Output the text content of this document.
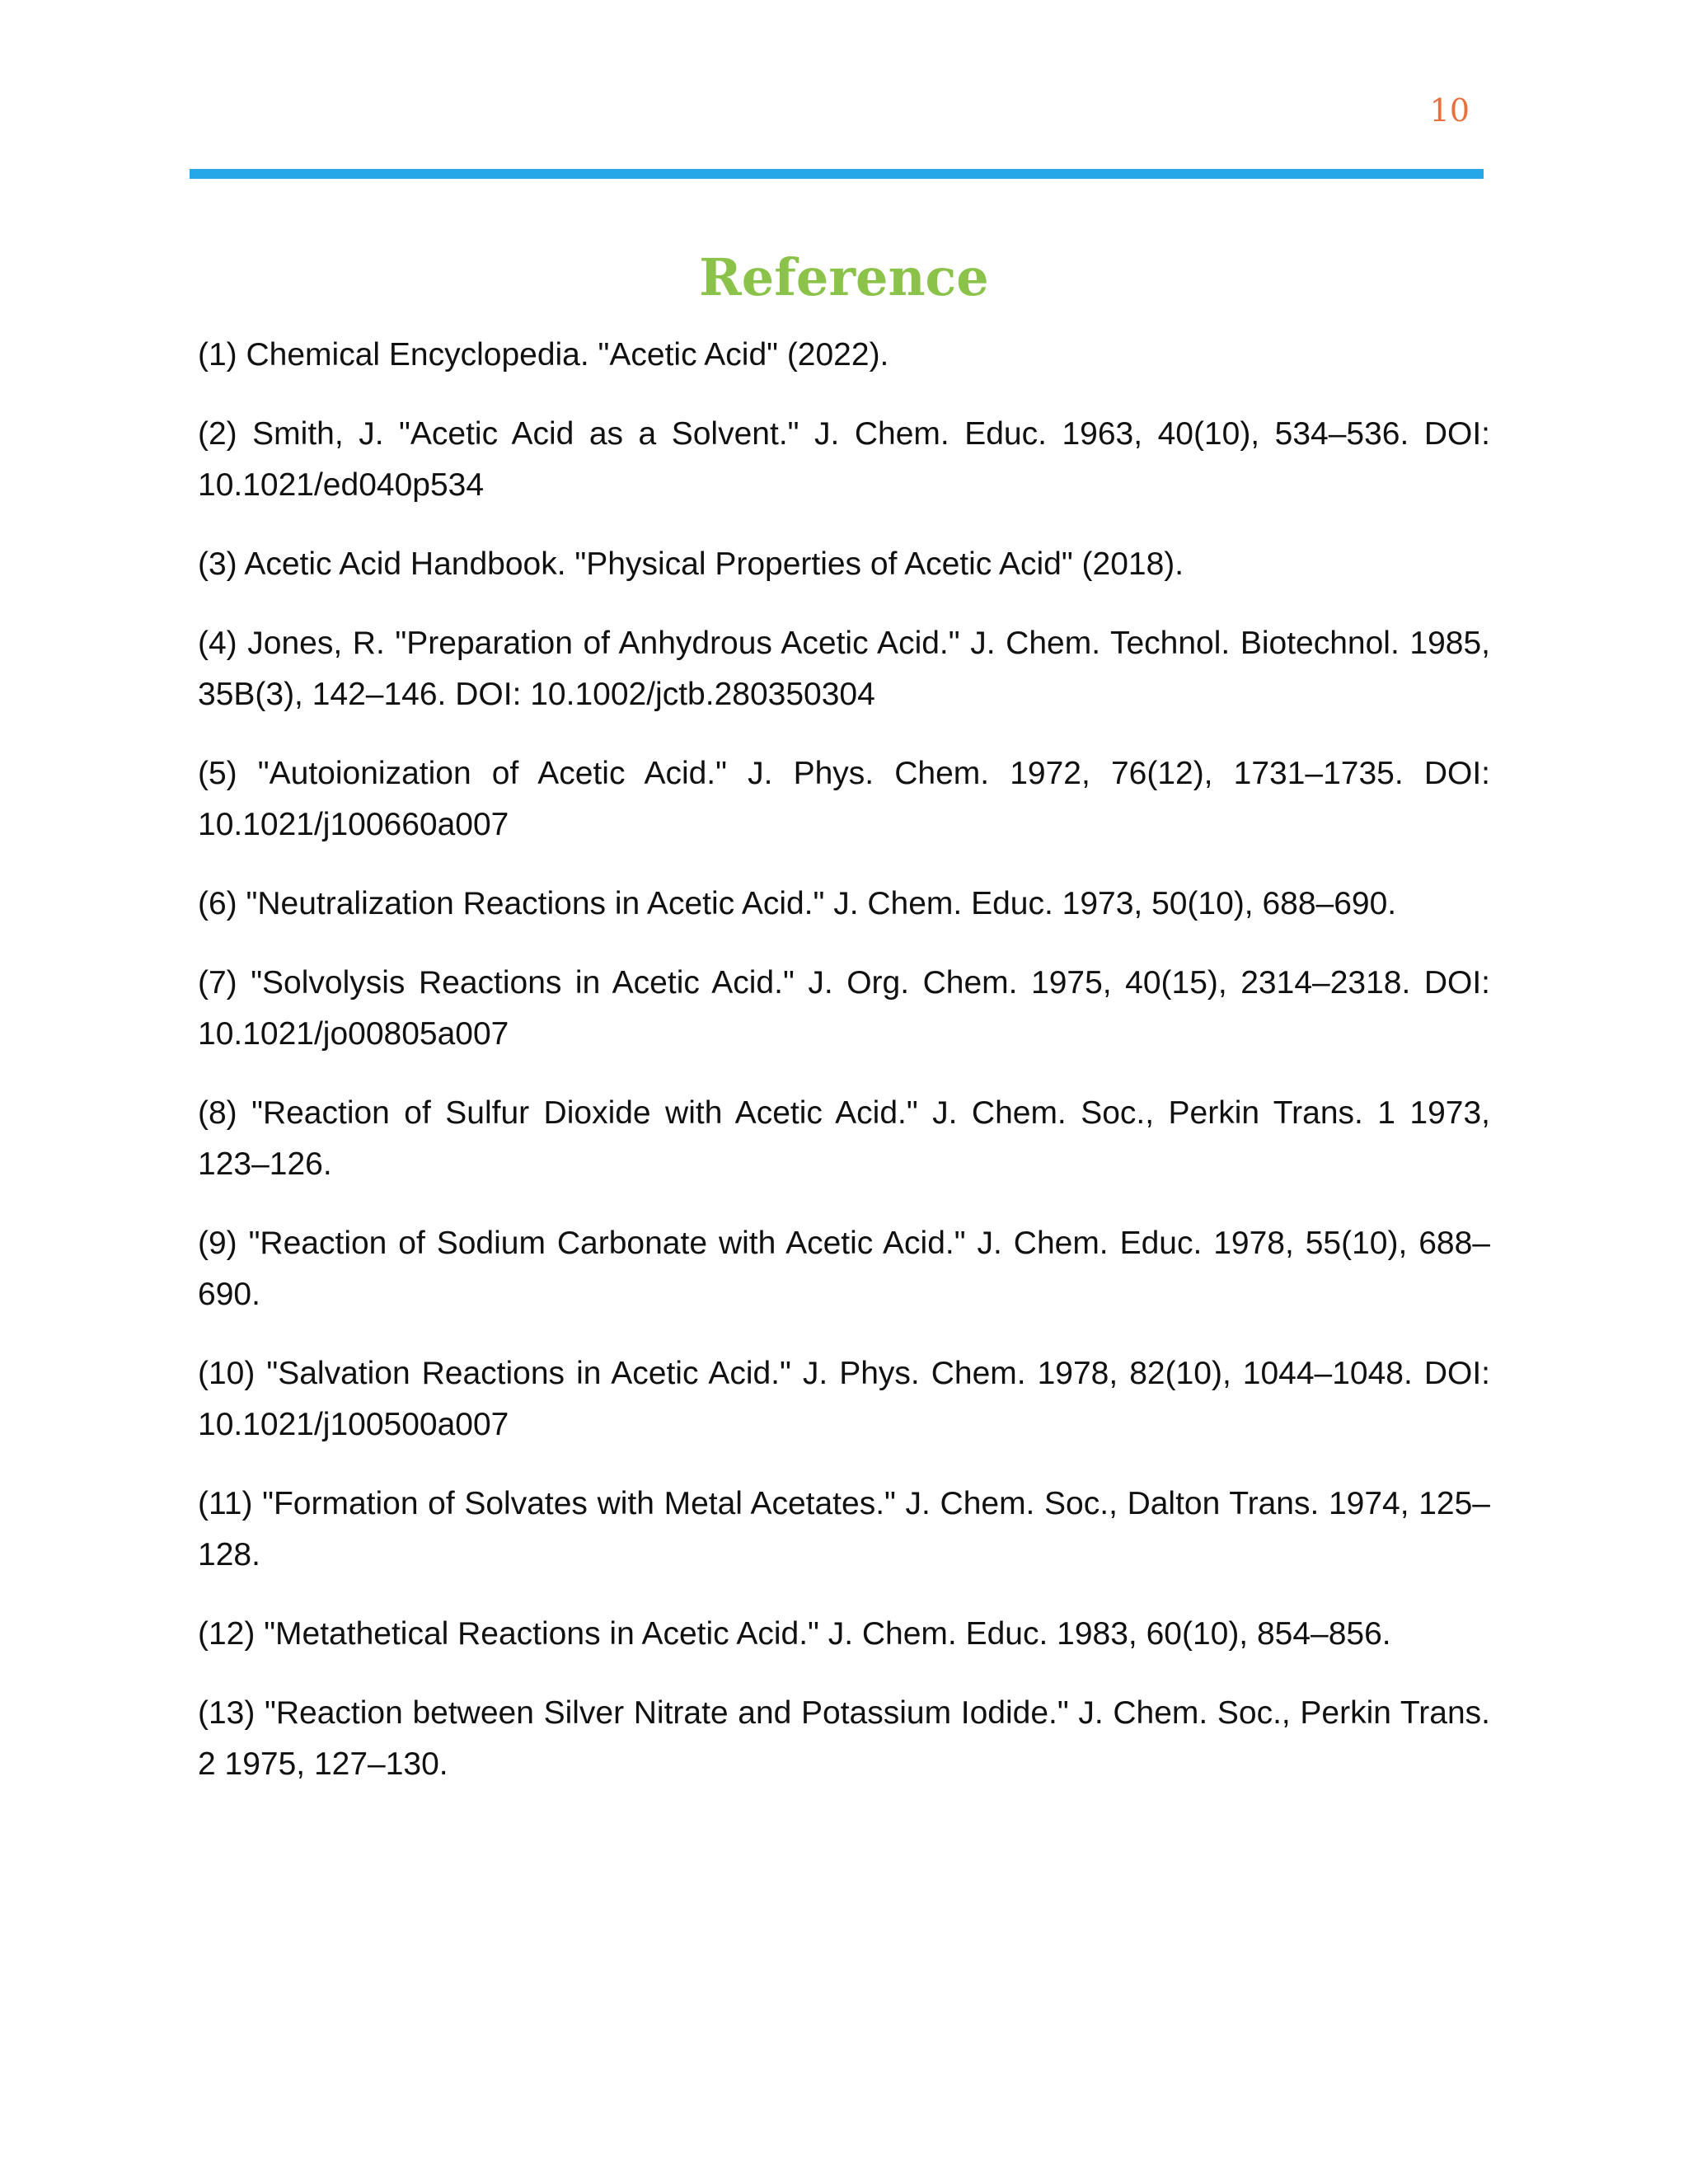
10
Reference
(1) Chemical Encyclopedia. "Acetic Acid" (2022).
(2) Smith, J. "Acetic Acid as a Solvent." J. Chem. Educ. 1963, 40(10), 534–536. DOI: 10.1021/ed040p534
(3) Acetic Acid Handbook. "Physical Properties of Acetic Acid" (2018).
(4) Jones, R. "Preparation of Anhydrous Acetic Acid." J. Chem. Technol. Biotechnol. 1985, 35B(3), 142–146. DOI: 10.1002/jctb.280350304
(5) "Autoionization of Acetic Acid." J. Phys. Chem. 1972, 76(12), 1731–1735. DOI: 10.1021/j100660a007
(6) "Neutralization Reactions in Acetic Acid." J. Chem. Educ. 1973, 50(10), 688–690.
(7) "Solvolysis Reactions in Acetic Acid." J. Org. Chem. 1975, 40(15), 2314–2318. DOI: 10.1021/jo00805a007
(8) "Reaction of Sulfur Dioxide with Acetic Acid." J. Chem. Soc., Perkin Trans. 1 1973, 123–126.
(9) "Reaction of Sodium Carbonate with Acetic Acid." J. Chem. Educ. 1978, 55(10), 688–690.
(10) "Salvation Reactions in Acetic Acid." J. Phys. Chem. 1978, 82(10), 1044–1048. DOI: 10.1021/j100500a007
(11) "Formation of Solvates with Metal Acetates." J. Chem. Soc., Dalton Trans. 1974, 125–128.
(12) "Metathetical Reactions in Acetic Acid." J. Chem. Educ. 1983, 60(10), 854–856.
(13) "Reaction between Silver Nitrate and Potassium Iodide." J. Chem. Soc., Perkin Trans. 2 1975, 127–130.
